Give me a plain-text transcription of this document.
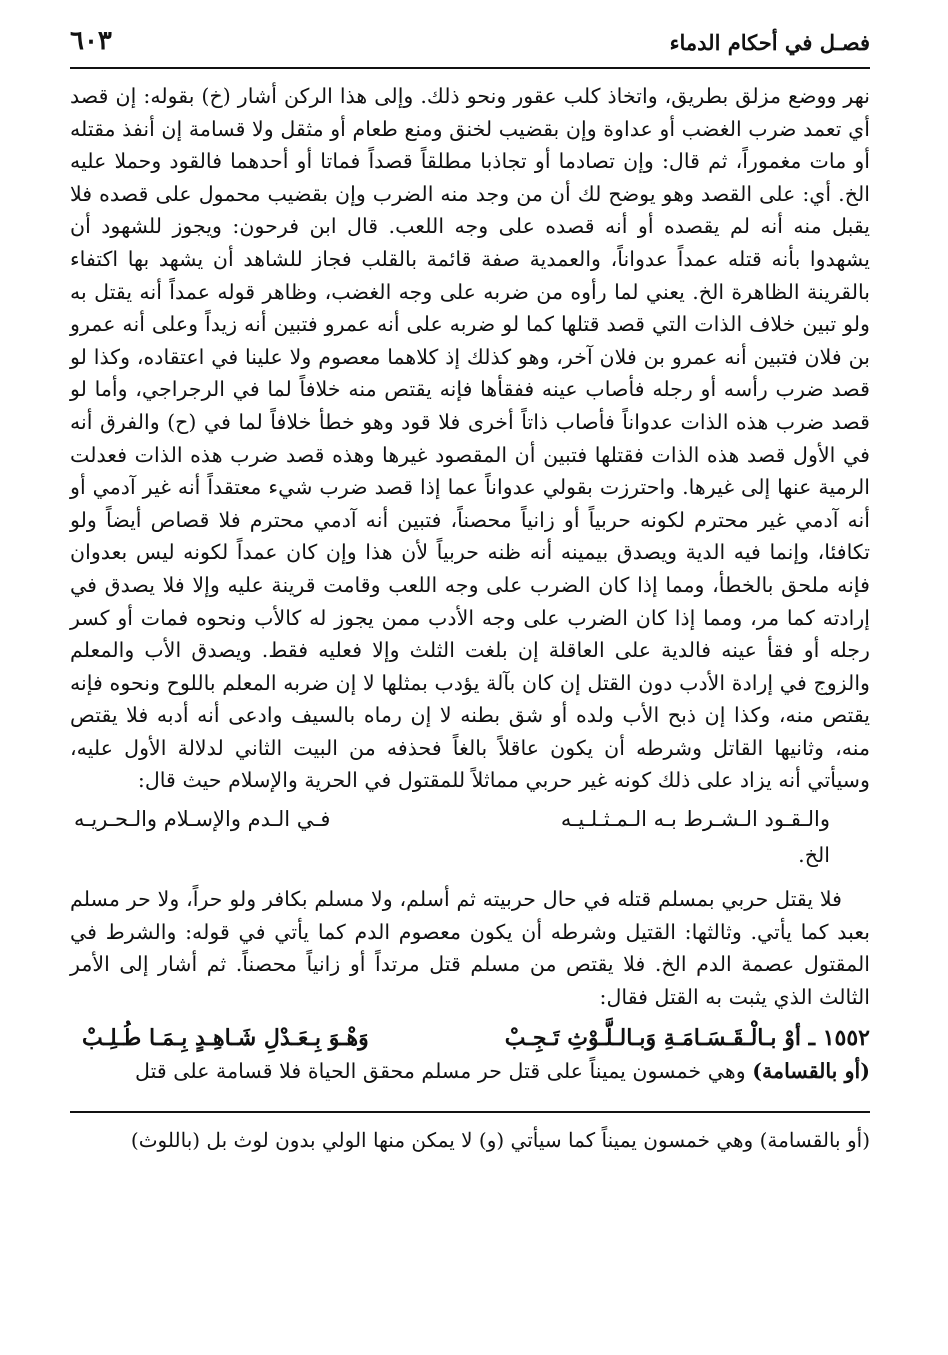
فصـل في أحكام الدماء
٦٠٣

نهر ووضع مزلق بطريق، واتخاذ كلب عقور ونحو ذلك. وإلى هذا الركن أشار (خ) بقوله: إن قصد أي تعمد ضرب الغضب أو عداوة وإن بقضيب لخنق ومنع طعام أو مثقل ولا قسامة إن أنفذ مقتله أو مات مغموراً، ثم قال: وإن تصادما أو تجاذبا مطلقاً قصداً فماتا أو أحدهما فالقود وحملا عليه الخ. أي: على القصد وهو يوضح لك أن من وجد منه الضرب وإن بقضيب محمول على قصده فلا يقبل منه أنه لم يقصده أو أنه قصده على وجه اللعب. قال ابن فرحون: ويجوز للشهود أن يشهدوا بأنه قتله عمداً عدواناً، والعمدية صفة قائمة بالقلب فجاز للشاهد أن يشهد بها اكتفاء بالقرينة الظاهرة الخ. يعني لما رأوه من ضربه على وجه الغضب، وظاهر قوله عمداً أنه يقتل به ولو تبين خلاف الذات التي قصد قتلها كما لو ضربه على أنه عمرو فتبين أنه زيداً وعلى أنه عمرو بن فلان فتبين أنه عمرو بن فلان آخر، وهو كذلك إذ كلاهما معصوم ولا علينا في اعتقاده، وكذا لو قصد ضرب رأسه أو رجله فأصاب عينه ففقأها فإنه يقتص منه خلافاً لما في الرجراجي، وأما لو قصد ضرب هذه الذات عدواناً فأصاب ذاتاً أخرى فلا قود وهو خطأ خلافاً لما في (ح) والفرق أنه في الأول قصد هذه الذات فقتلها فتبين أن المقصود غيرها وهذه قصد ضرب هذه الذات فعدلت الرمية عنها إلى غيرها. واحترزت بقولي عدواناً عما إذا قصد ضرب شيء معتقداً أنه غير آدمي أو أنه آدمي غير محترم لكونه حربياً أو زانياً محصناً، فتبين أنه آدمي محترم فلا قصاص أيضاً ولو تكافئا، وإنما فيه الدية ويصدق بيمينه أنه ظنه حربياً لأن هذا وإن كان عمداً لكونه ليس بعدوان فإنه ملحق بالخطأ، ومما إذا كان الضرب على وجه اللعب وقامت قرينة عليه وإلا فلا يصدق في إرادته كما مر، ومما إذا كان الضرب على وجه الأدب ممن يجوز له كالأب ونحوه فمات أو كسر رجله أو فقأ عينه فالدية على العاقلة إن بلغت الثلث وإلا فعليه فقط. ويصدق الأب والمعلم والزوج في إرادة الأدب دون القتل إن كان بآلة يؤدب بمثلها لا إن ضربه المعلم باللوح ونحوه فإنه يقتص منه، وكذا إن ذبح الأب ولده أو شق بطنه لا إن رماه بالسيف وادعى أنه أدبه فلا يقتص منه، وثانيها القاتل وشرطه أن يكون عاقلاً بالغاً فحذفه من البيت الثاني لدلالة الأول عليه، وسيأتي أنه يزاد على ذلك كونه غير حربي مماثلاً للمقتول في الحرية والإسلام حيث قال:

والـقـود الـشـرط بـه الـمـثـلـيـه
فـي الـدم والإسـلام والـحـريـه
الخ.

فلا يقتل حربي بمسلم قتله في حال حربيته ثم أسلم، ولا مسلم بكافر ولو حراً، ولا حر مسلم بعبد كما يأتي. وثالثها: القتيل وشرطه أن يكون معصوم الدم كما يأتي في قوله: والشرط في المقتول عصمة الدم الخ. فلا يقتص من مسلم قتل مرتداً أو زانياً محصناً. ثم أشار إلى الأمر الثالث الذي يثبت به القتل فقال:

١٥٥٢ ـ أوْ بـالْـقَـسَـامَـةِ وَبـالـلَّـوْثِ تَـجِـبْ
وَهْـوَ بِـعَـدْلِ شَـاهِـدٍ بِـمَـا طُـلِـبْ
(أو بالقسامة) وهي خمسون يميناً على قتل حر مسلم محقق الحياة فلا قسامة على قتل
(أو بالقسامة) وهي خمسون يميناً كما سيأتي (و) لا يمكن منها الولي بدون لوث بل (باللوث)
